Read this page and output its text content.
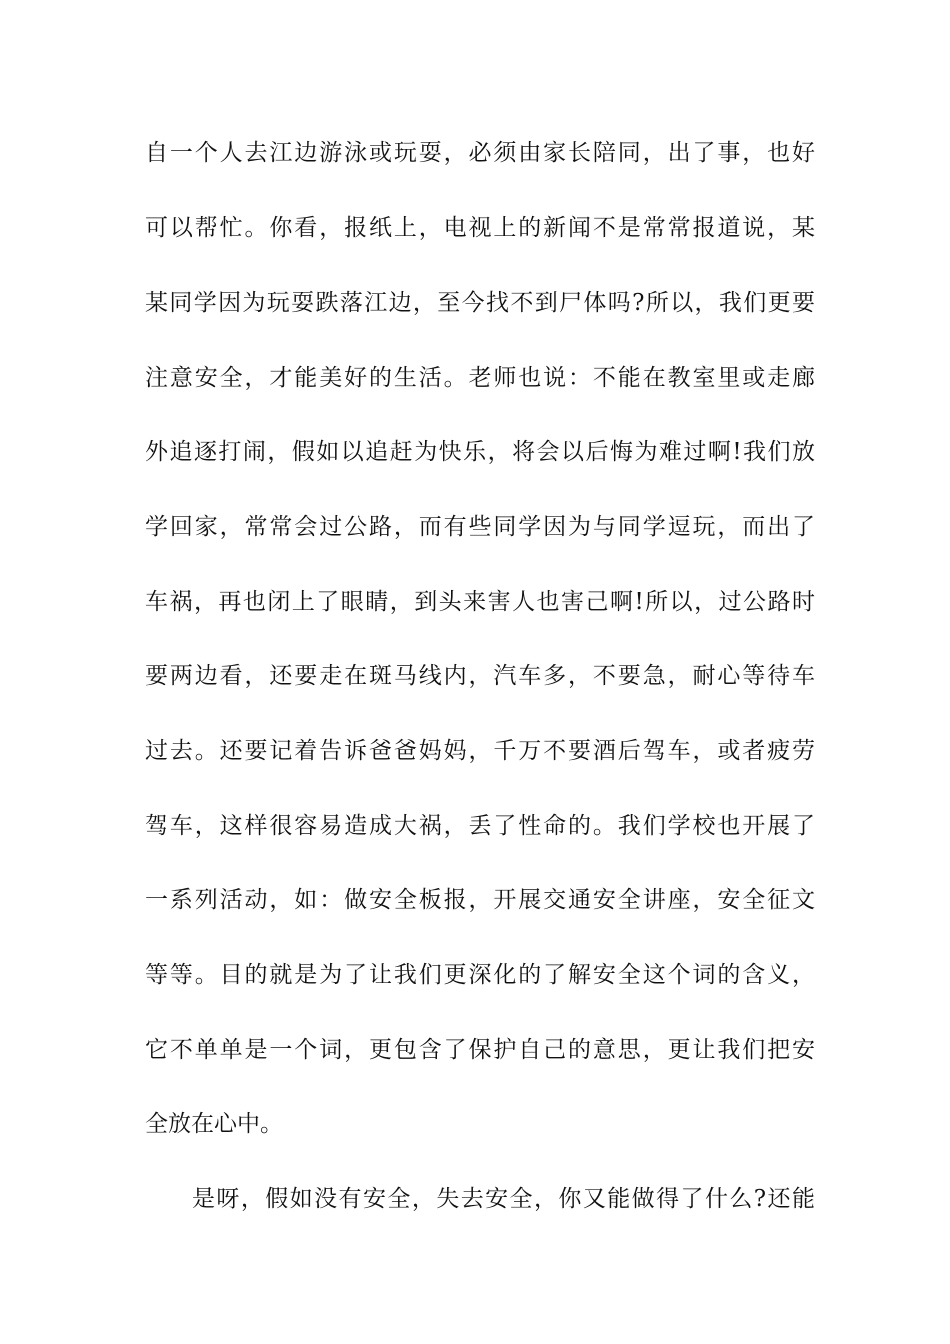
自一个人去江边游泳或玩耍，必须由家长陪同，出了事，也好
可以帮忙。你看，报纸上，电视上的新闻不是常常报道说，某
某同学因为玩耍跌落江边，至今找不到尸体吗?所以，我们更要
注意安全，才能美好的生活。老师也说：不能在教室里或走廊
外追逐打闹，假如以追赶为快乐，将会以后悔为难过啊!我们放
学回家，常常会过公路，而有些同学因为与同学逗玩，而出了
车祸，再也闭上了眼睛，到头来害人也害己啊!所以，过公路时
要两边看，还要走在斑马线内，汽车多，不要急，耐心等待车
过去。还要记着告诉爸爸妈妈，千万不要酒后驾车，或者疲劳
驾车，这样很容易造成大祸，丢了性命的。我们学校也开展了
一系列活动，如：做安全板报，开展交通安全讲座，安全征文
等等。目的就是为了让我们更深化的了解安全这个词的含义，
它不单单是一个词，更包含了保护自己的意思，更让我们把安
全放在心中。
是呀，假如没有安全，失去安全，你又能做得了什么?还能
